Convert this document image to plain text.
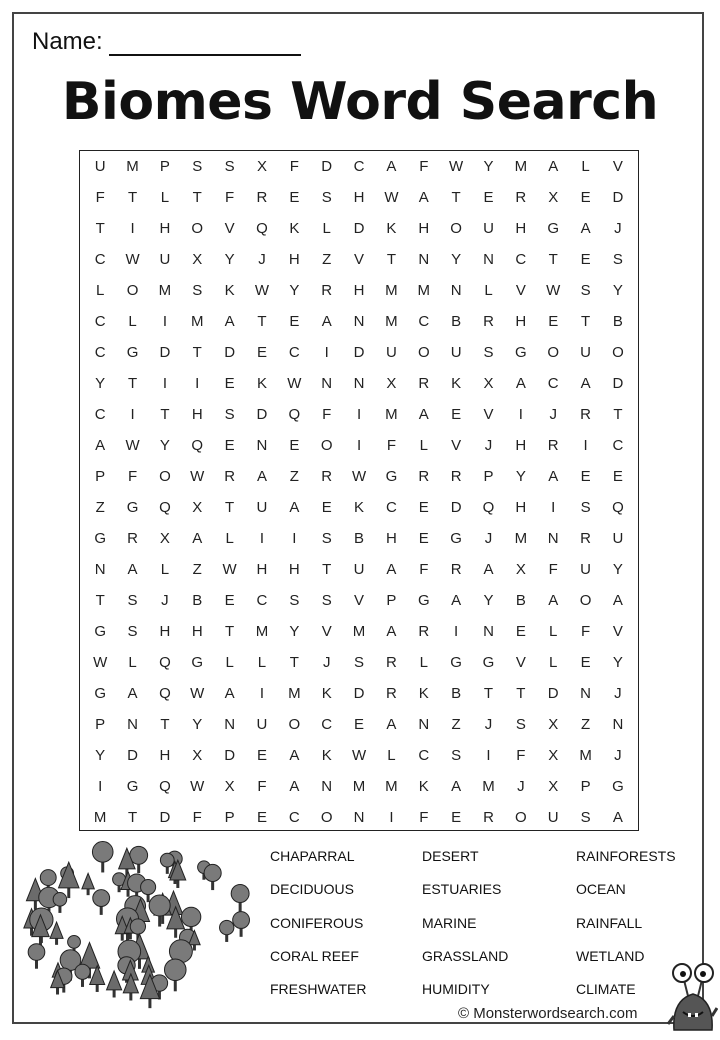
Name:
Biomes Word Search
U	M	P	S	S	X	F	D	C	A	F	W	Y	M	A	L	V
F	T	L	T	F	R	E	S	H	W	A	T	E	R	X	E	D
T	I	H	O	V	Q	K	L	D	K	H	O	U	H	G	A	J
C	W	U	X	Y	J	H	Z	V	T	N	Y	N	C	T	E	S
L	O	M	S	K	W	Y	R	H	M	M	N	L	V	W	S	Y
C	L	I	M	A	T	E	A	N	M	C	B	R	H	E	T	B
C	G	D	T	D	E	C	I	D	U	O	U	S	G	O	U	O
Y	T	I	I	E	K	W	N	N	X	R	K	X	A	C	A	D
C	I	T	H	S	D	Q	F	I	M	A	E	V	I	J	R	T
A	W	Y	Q	E	N	E	O	I	F	L	V	J	H	R	I	C
P	F	O	W	R	A	Z	R	W	G	R	R	P	Y	A	E	E
Z	G	Q	X	T	U	A	E	K	C	E	D	Q	H	I	S	Q
G	R	X	A	L	I	I	S	B	H	E	G	J	M	N	R	U
N	A	L	Z	W	H	H	T	U	A	F	R	A	X	F	U	Y
T	S	J	B	E	C	S	S	V	P	G	A	Y	B	A	O	A
G	S	H	H	T	M	Y	V	M	A	R	I	N	E	L	F	V
W	L	Q	G	L	L	T	J	S	R	L	G	G	V	L	E	Y
G	A	Q	W	A	I	M	K	D	R	K	B	T	T	D	N	J
P	N	T	Y	N	U	O	C	E	A	N	Z	J	S	X	Z	N
Y	D	H	X	D	E	A	K	W	L	C	S	I	F	X	M	J
I	G	Q	W	X	F	A	N	M	M	K	A	M	J	X	P	G
M	T	D	F	P	E	C	O	N	I	F	E	R	O	U	S	A
CHAPARRAL
DECIDUOUS
CONIFEROUS
CORAL REEF
FRESHWATER
DESERT
ESTUARIES
MARINE
GRASSLAND
HUMIDITY
RAINFORESTS
OCEAN
RAINFALL
WETLAND
CLIMATE
© Monsterwordsearch.com
